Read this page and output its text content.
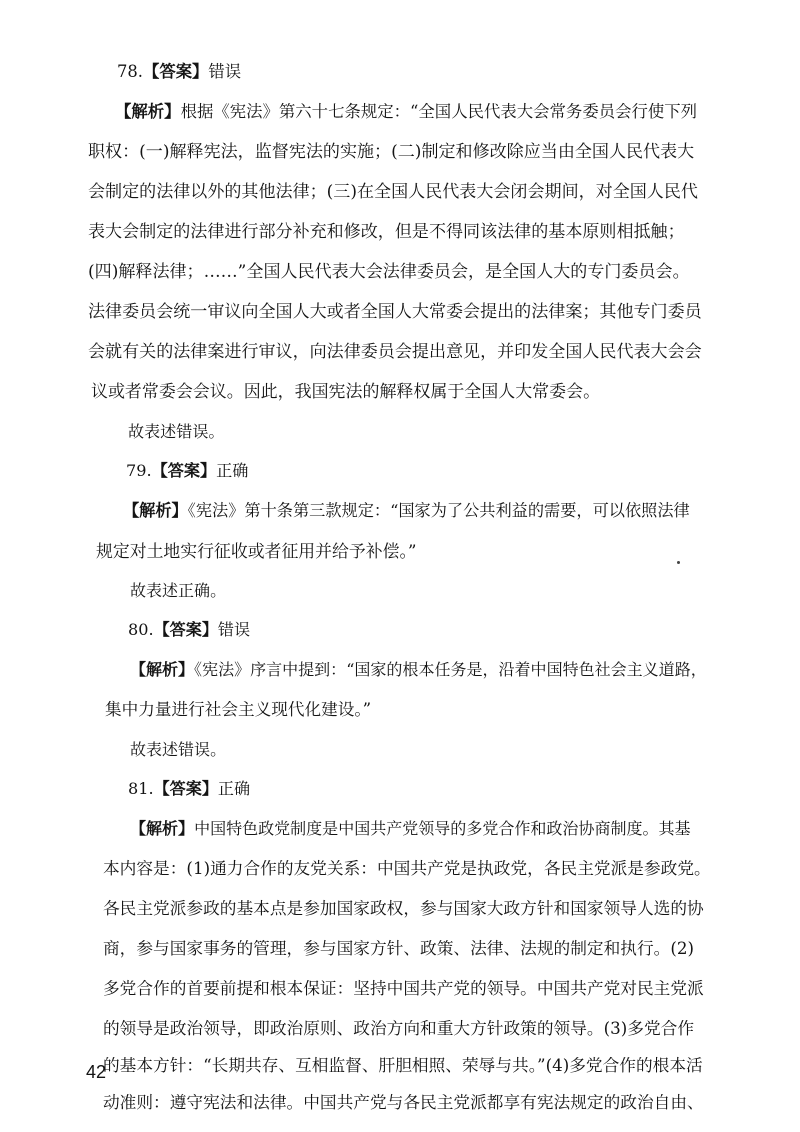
78.【答案】错误
【解析】根据《宪法》第六十七条规定：“全国人民代表大会常务委员会行使下列
职权：(一)解释宪法，监督宪法的实施；(二)制定和修改除应当由全国人民代表大
会制定的法律以外的其他法律；(三)在全国人民代表大会闭会期间，对全国人民代
表大会制定的法律进行部分补充和修改，但是不得同该法律的基本原则相抵触；
(四)解释法律；……”全国人民代表大会法律委员会，是全国人大的专门委员会。
法律委员会统一审议向全国人大或者全国人大常委会提出的法律案；其他专门委员
会就有关的法律案进行审议，向法律委员会提出意见，并印发全国人民代表大会会
议或者常委会会议。因此，我国宪法的解释权属于全国人大常委会。
故表述错误。
79.【答案】正确
【解析】《宪法》第十条第三款规定：“国家为了公共利益的需要，可以依照法律
规定对土地实行征收或者征用并给予补偿。”
故表述正确。
80.【答案】错误
【解析】《宪法》序言中提到：“国家的根本任务是，沿着中国特色社会主义道路，
集中力量进行社会主义现代化建设。”
故表述错误。
81.【答案】正确
【解析】中国特色政党制度是中国共产党领导的多党合作和政治协商制度。其基
本内容是：(1)通力合作的友党关系：中国共产党是执政党，各民主党派是参政党。
各民主党派参政的基本点是参加国家政权，参与国家大政方针和国家领导人选的协
商，参与国家事务的管理，参与国家方针、政策、法律、法规的制定和执行。(2)
多党合作的首要前提和根本保证：坚持中国共产党的领导。中国共产党对民主党派
的领导是政治领导，即政治原则、政治方向和重大方针政策的领导。(3)多党合作
的基本方针：“长期共存、互相监督、肝胆相照、荣辱与共。”(4)多党合作的根本活
动准则：遵守宪法和法律。中国共产党与各民主党派都享有宪法规定的政治自由、
42
